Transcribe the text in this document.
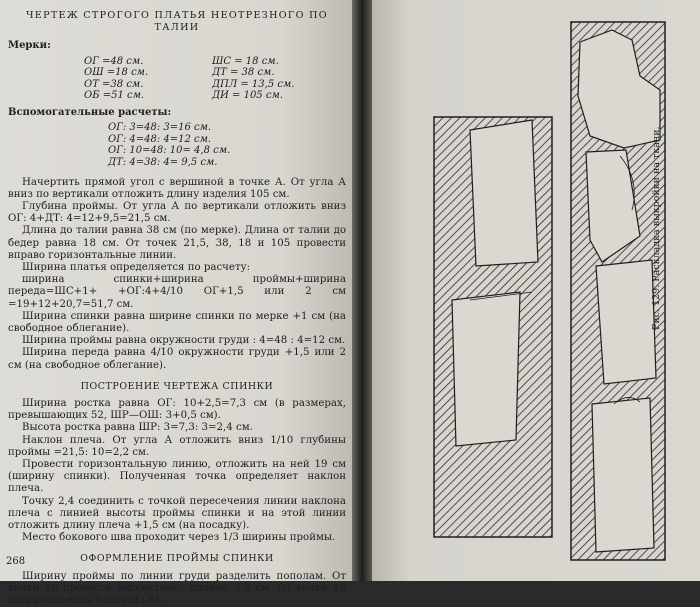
ЧЕРТЕЖ СТРОГОГО ПЛАТЬЯ НЕОТРЕЗНОГО ПО ТАЛИИ
Мерки:
ОГ =48 см.
ОШ =18 см.
ОТ =38 см.
ОБ =51 см.
ШС = 18 см.
ДТ = 38 см.
ДПЛ = 13,5 см.
ДИ = 105 см.
Вспомогательные расчеты:
ОГ: 3=48: 3=16 см.
ОГ: 4=48: 4=12 см.
ОГ: 10=48: 10= 4,8 см.
ДТ: 4=38: 4= 9,5 см.

Начертить прямой угол с вершиной в точке А. От угла А вниз по вертикали отложить длину изделия 105 см.

Глубина проймы. От угла А по вертикали отложить вниз ОГ: 4+ДТ: 4=12+9,5=21,5 см.

Длина до талии равна 38 см (по мерке). Длина от талии до бедер равна 18 см. От точек 21,5, 38, 18 и 105 провести вправо горизонтальные линии.

Ширина платья определяется по расчету:

ширина спинки+ширина проймы+ширина переда=ШС+1+ +ОГ:4+4/10 ОГ+1,5 или 2 см =19+12+20,7=51,7 см.

Ширина спинки равна ширине спинки по мерке +1 см (на свободное облегание).

Ширина проймы равна окружности груди : 4=48 : 4=12 см.

Ширина переда равна 4/10 окружности груди +1,5 или 2 см (на свободное облегание).

ПОСТРОЕНИЕ ЧЕРТЕЖА СПИНКИ

Ширина ростка равна ОГ: 10+2,5=7,3 см (в размерах, превышающих 52, ШР—ОШ: 3+0,5 см).

Высота ростка равна ШР: 3=7,3: 3=2,4 см.

Наклон плеча. От угла А отложить вниз 1/10 глубины проймы =21,5: 10=2,2 см.

Провести горизонтальную линию, отложить на ней 19 см (ширину спинки). Полученная точка определяет наклон плеча.

Точку 2,4 соединить с точкой пересечения линии наклона плеча с линией высоты проймы спинки и на этой линии отложить длину плеча +1,5 см (на посадку).

Место бокового шва проходит через 1/3 ширины проймы.

ОФОРМЛЕНИЕ ПРОЙМЫ СПИНКИ

Ширину проймы по линии груди разделить пополам. От точки 19 провести биссектрису длиной 2,5 см. От точки 19 вверх отложить 6 см (ОГ: 8).

268
Рис. 129. Раскладка выкройки на ткани.
